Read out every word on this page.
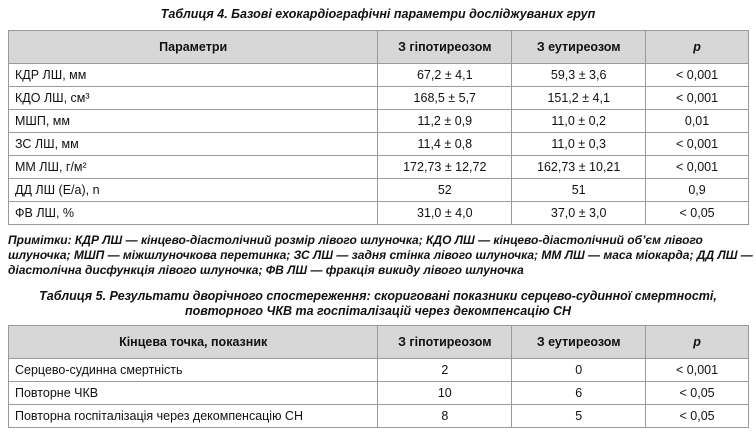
Таблиця 4. Базові ехокардіографічні параметри досліджуваних груп
Параметри	З гіпотиреозом	З еутиреозом	p
КДР ЛШ, мм	67,2 ± 4,1	59,3 ± 3,6	< 0,001
КДО ЛШ, см³	168,5 ± 5,7	151,2 ± 4,1	< 0,001
МШП, мм	11,2 ± 0,9	11,0 ± 0,2	0,01
ЗС ЛШ, мм	11,4 ± 0,8	11,0 ± 0,3	< 0,001
ММ ЛШ, г/м²	172,73 ± 12,72	162,73 ± 10,21	< 0,001
ДД ЛШ (Е/а), n	52	51	0,9
ФВ ЛШ, %	31,0 ± 4,0	37,0 ± 3,0	< 0,05
Примітки: КДР ЛШ — кінцево-діастолічний розмір лівого шлуночка; КДО ЛШ — кінцево-діастолічний об’єм лівого шлуночка; МШП — міжшлуночкова перетинка; ЗС ЛШ — задня стінка лівого шлуночка; ММ ЛШ — маса міокарда; ДД ЛШ — діастолічна дисфункція лівого шлуночка; ФВ ЛШ — фракція викиду лівого шлуночка
Таблиця 5. Результати дворічного спостереження: скориговані показники серцево-судинної смертності,
повторного ЧКВ та госпіталізацій через декомпенсацію СН
Кінцева точка, показник	З гіпотиреозом	З еутиреозом	p
Серцево-судинна смертність	2	0	< 0,001
Повторне ЧКВ	10	6	< 0,05
Повторна госпіталізація через декомпенсацію СН	8	5	< 0,05
